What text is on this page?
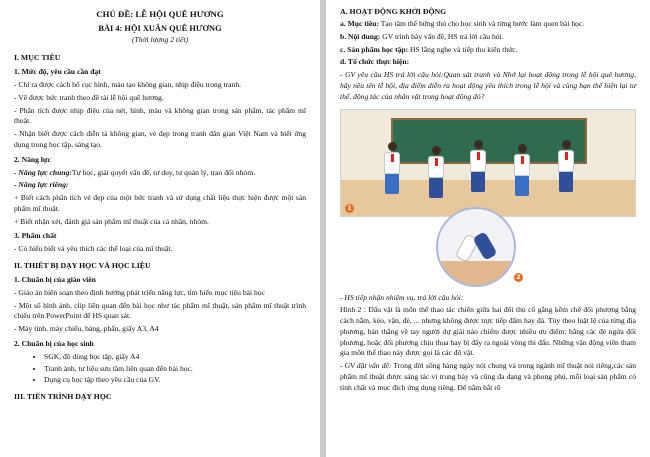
CHỦ ĐỀ: LỄ HỘI QUÊ HƯƠNG
BÀI 4: HỘI XUÂN QUÊ HƯƠNG
(Thời lượng 2 tiết)
I. MỤC TIÊU
1. Mức độ, yêu cầu cần đạt
- Chỉ ra được cách bố cục hình, màu tạo không gian, nhịp điệu trong tranh.
- Vẽ được bức tranh theo đề tài lễ hội quê hương.
- Phân tích được nhịp điệu của nét, hình, màu và không gian trong sản phẩm, tác phẩm mĩ thuật.
- Nhận biết được cách diễn tả không gian, vẻ đẹp trong tranh dân gian Việt Nam và biết ứng dụng trong học tập, sáng tạo.
2. Năng lực
- Năng lực chung:Tự học, giải quyết vấn đề, tư duy, tư quản lý, trao đổi nhóm.
- Năng lực riêng:
+ Biết cách phân tích vẻ đẹp của một bức tranh và sử dụng chất liệu thực hiện được một sản phẩm mĩ thuật.
+ Biết nhận xét, đánh giá sản phẩm mĩ thuật của cá nhân, nhóm.
3. Phẩm chất
- Có hiểu biết và yêu thích các thể loại của mĩ thuật.
II. THIẾT BỊ DẠY HỌC VÀ HỌC LIỆU
1. Chuẩn bị của giáo viên
- Giáo án biên soạn theo định hướng phát triển năng lực, tìm hiểu mục tiêu bài học
- Một số hình ảnh, clip liên quan đến bài học như tác phẩm mĩ thuật, sản phẩm mĩ thuật trình chiếu trên PowerPoint để HS quan sát.
- Máy tính, máy chiếu, bảng, phấn, giấy A3, A4
2. Chuẩn bị của học sinh
• SGK, đồ dùng học tập, giấy A4
• Tranh ảnh, tư liệu sưu tầm liên quan đến bài học.
• Dụng cụ học tập theo yêu cầu của GV.
III. TIẾN TRÌNH DẠY HỌC
A. HOẠT ĐỘNG KHỞI ĐỘNG
a. Mục tiêu: Tạo tâm thế hứng thú cho học sinh và từng bước làm quen bài học.
b. Nội dung: GV trình bày vấn đề, HS trả lời câu hỏi.
c. Sản phẩm học tập: HS lắng nghe và tiếp thu kiến thức.
d. Tổ chức thực hiện:
- GV yêu cầu HS trả lời câu hỏi:Quan sát tranh và Nhớ lại hoạt động trong lễ hội quê hương, hãy nêu tên lễ hội, địa điểm diễn ra hoạt động yêu thích trong lễ hội và cùng bạn thể hiện lại tư thế, động tác của nhân vật trong hoạt động đó?
1
2
- HS tiếp nhận nhiệm vụ, trả lời câu hỏi:
Hình 2 : Đấu vật là môn thể thao tác chiến giữa hai đối thủ cố gắng kềm chế đối phương bằng cách nắm, kéo, vặn, đè, ... nhưng không được trực tiếp đấm hay đá. Tùy theo luật lệ của từng địa phương, bản thắng về tay người dự giải nào chiếm được nhiều ưu điểm: bằng các đè ngửa đối phương, hoặc đối phương chịu thua hay bị đẩy ra ngoài vòng thi đấu. Những vận động viên tham gia môn thể thao này được gọi là các đô vật.
- GV đặt vấn đề: Trong đời sống hàng ngày nói chung và trong ngành mĩ thuật nói riêng,các sản phẩm mĩ thuật được sáng tác vì trung bày và cũng đa dạng và phong phú, mỗi loại sản phẩm có tính chất và mục đích ứng dụng riêng. Để nắm bắt rõ
